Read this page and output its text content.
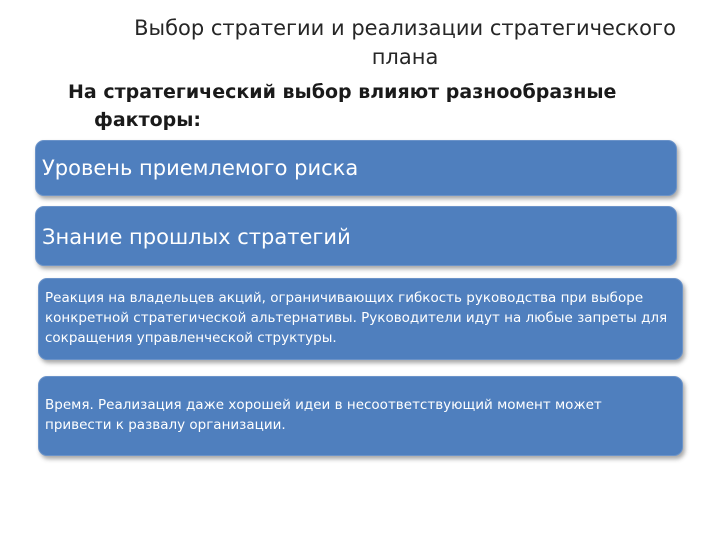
Выбор стратегии и реализации стратегического
плана
На стратегический выбор влияют разнообразные
факторы:
Уровень приемлемого риска
Знание прошлых стратегий
Реакция на владельцев акций, ограничивающих гибкость руководства при выборе конкретной стратегической альтернативы. Руководители идут на любые запреты для сокращения управленческой структуры.
Время. Реализация даже хорошей идеи в несоответствующий момент может привести к развалу организации.
